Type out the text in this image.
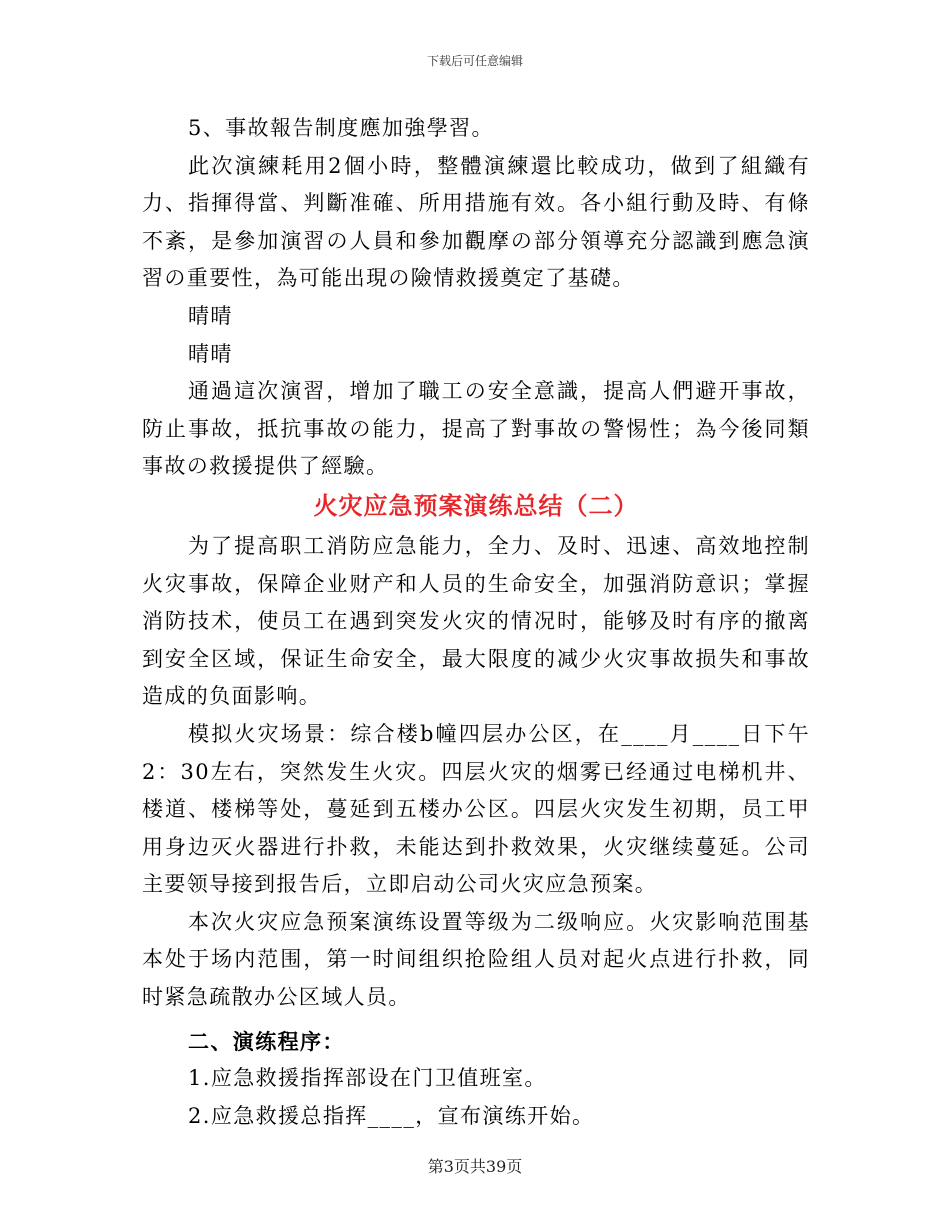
下载后可任意编辑

5、事故報告制度應加強學習。

此次演練耗用2個小時，整體演練還比較成功，做到了組織有力、指揮得當、判斷准確、所用措施有效。各小組行動及時、有條不紊，是參加演習の人員和參加觀摩の部分領導充分認識到應急演習の重要性，為可能出現の險情救援奠定了基礎。

晴晴

晴晴

通過這次演習，增加了職工の安全意識，提高人們避开事故，防止事故，抵抗事故の能力，提高了對事故の警惕性；為今後同類事故の救援提供了經驗。

火灾应急预案演练总结（二）

为了提高职工消防应急能力，全力、及时、迅速、高效地控制火灾事故，保障企业财产和人员的生命安全，加强消防意识；掌握消防技术，使员工在遇到突发火灾的情况时，能够及时有序的撤离到安全区域，保证生命安全，最大限度的减少火灾事故损失和事故造成的负面影响。

模拟火灾场景：综合楼b幢四层办公区，在____月____日下午2：30左右，突然发生火灾。四层火灾的烟雾已经通过电梯机井、楼道、楼梯等处，蔓延到五楼办公区。四层火灾发生初期，员工甲用身边灭火器进行扑救，未能达到扑救效果，火灾继续蔓延。公司主要领导接到报告后，立即启动公司火灾应急预案。

本次火灾应急预案演练设置等级为二级响应。火灾影响范围基本处于场内范围，第一时间组织抢险组人员对起火点进行扑救，同时紧急疏散办公区域人员。

二、演练程序：

1.应急救援指挥部设在门卫值班室。

2.应急救援总指挥____，宣布演练开始。

第3页共39页
